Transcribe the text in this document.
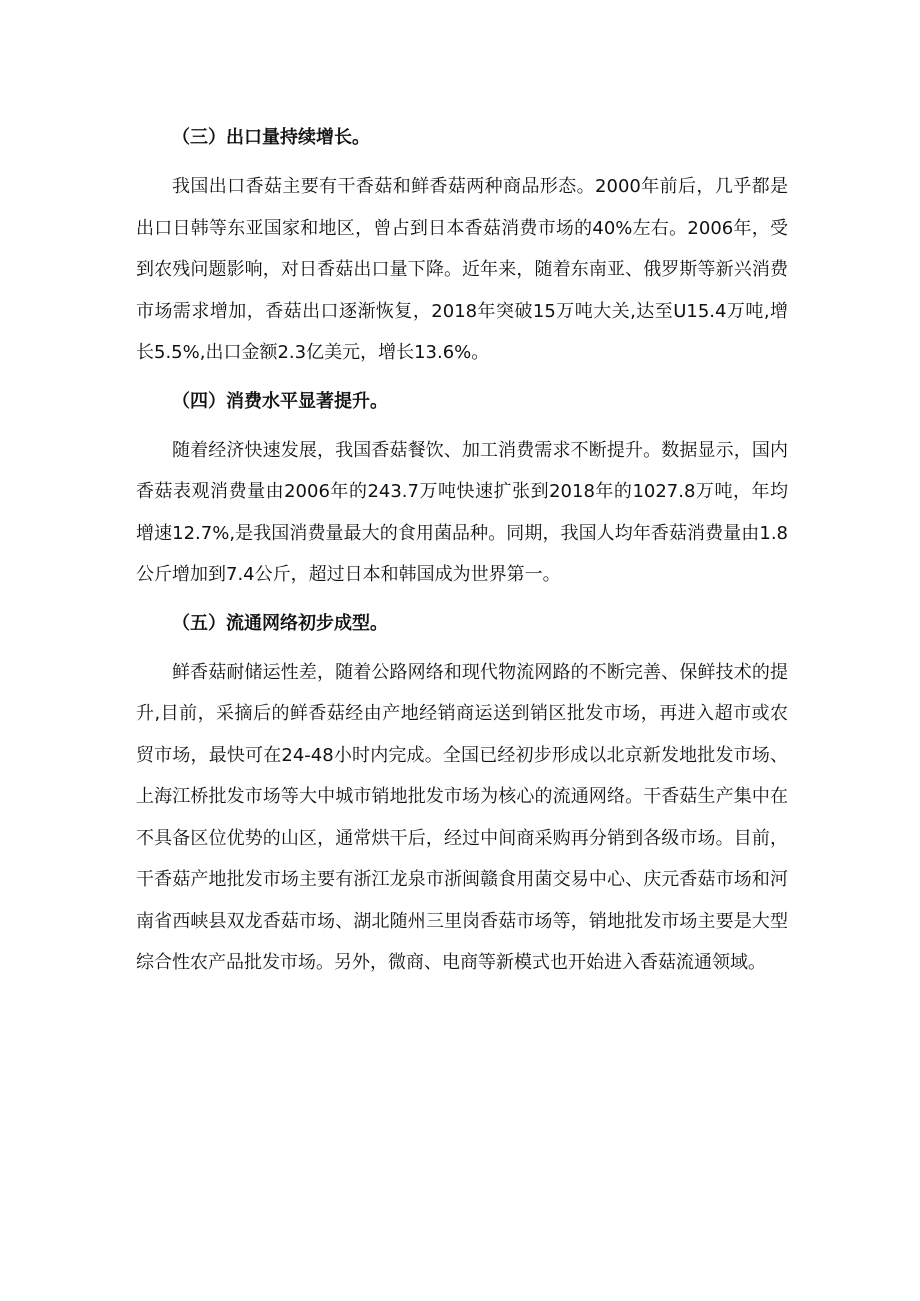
（三）出口量持续增长。

我国出口香菇主要有干香菇和鲜香菇两种商品形态。2000年前后，几乎都是出口日韩等东亚国家和地区，曾占到日本香菇消费市场的40%左右。2006年，受到农残问题影响，对日香菇出口量下降。近年来，随着东南亚、俄罗斯等新兴消费市场需求增加，香菇出口逐渐恢复，2018年突破15万吨大关,达至U15.4万吨,增长5.5%,出口金额2.3亿美元，增长13.6%。

（四）消费水平显著提升。

随着经济快速发展，我国香菇餐饮、加工消费需求不断提升。数据显示，国内香菇表观消费量由2006年的243.7万吨快速扩张到2018年的1027.8万吨，年均增速12.7%,是我国消费量最大的食用菌品种。同期，我国人均年香菇消费量由1.8公斤增加到7.4公斤，超过日本和韩国成为世界第一。

（五）流通网络初步成型。

鲜香菇耐储运性差，随着公路网络和现代物流网路的不断完善、保鲜技术的提升,目前，采摘后的鲜香菇经由产地经销商运送到销区批发市场，再进入超市或农贸市场，最快可在24-48小时内完成。全国已经初步形成以北京新发地批发市场、上海江桥批发市场等大中城市销地批发市场为核心的流通网络。干香菇生产集中在不具备区位优势的山区，通常烘干后，经过中间商采购再分销到各级市场。目前，干香菇产地批发市场主要有浙江龙泉市浙闽赣食用菌交易中心、庆元香菇市场和河南省西峡县双龙香菇市场、湖北随州三里岗香菇市场等，销地批发市场主要是大型综合性农产品批发市场。另外，微商、电商等新模式也开始进入香菇流通领域。
